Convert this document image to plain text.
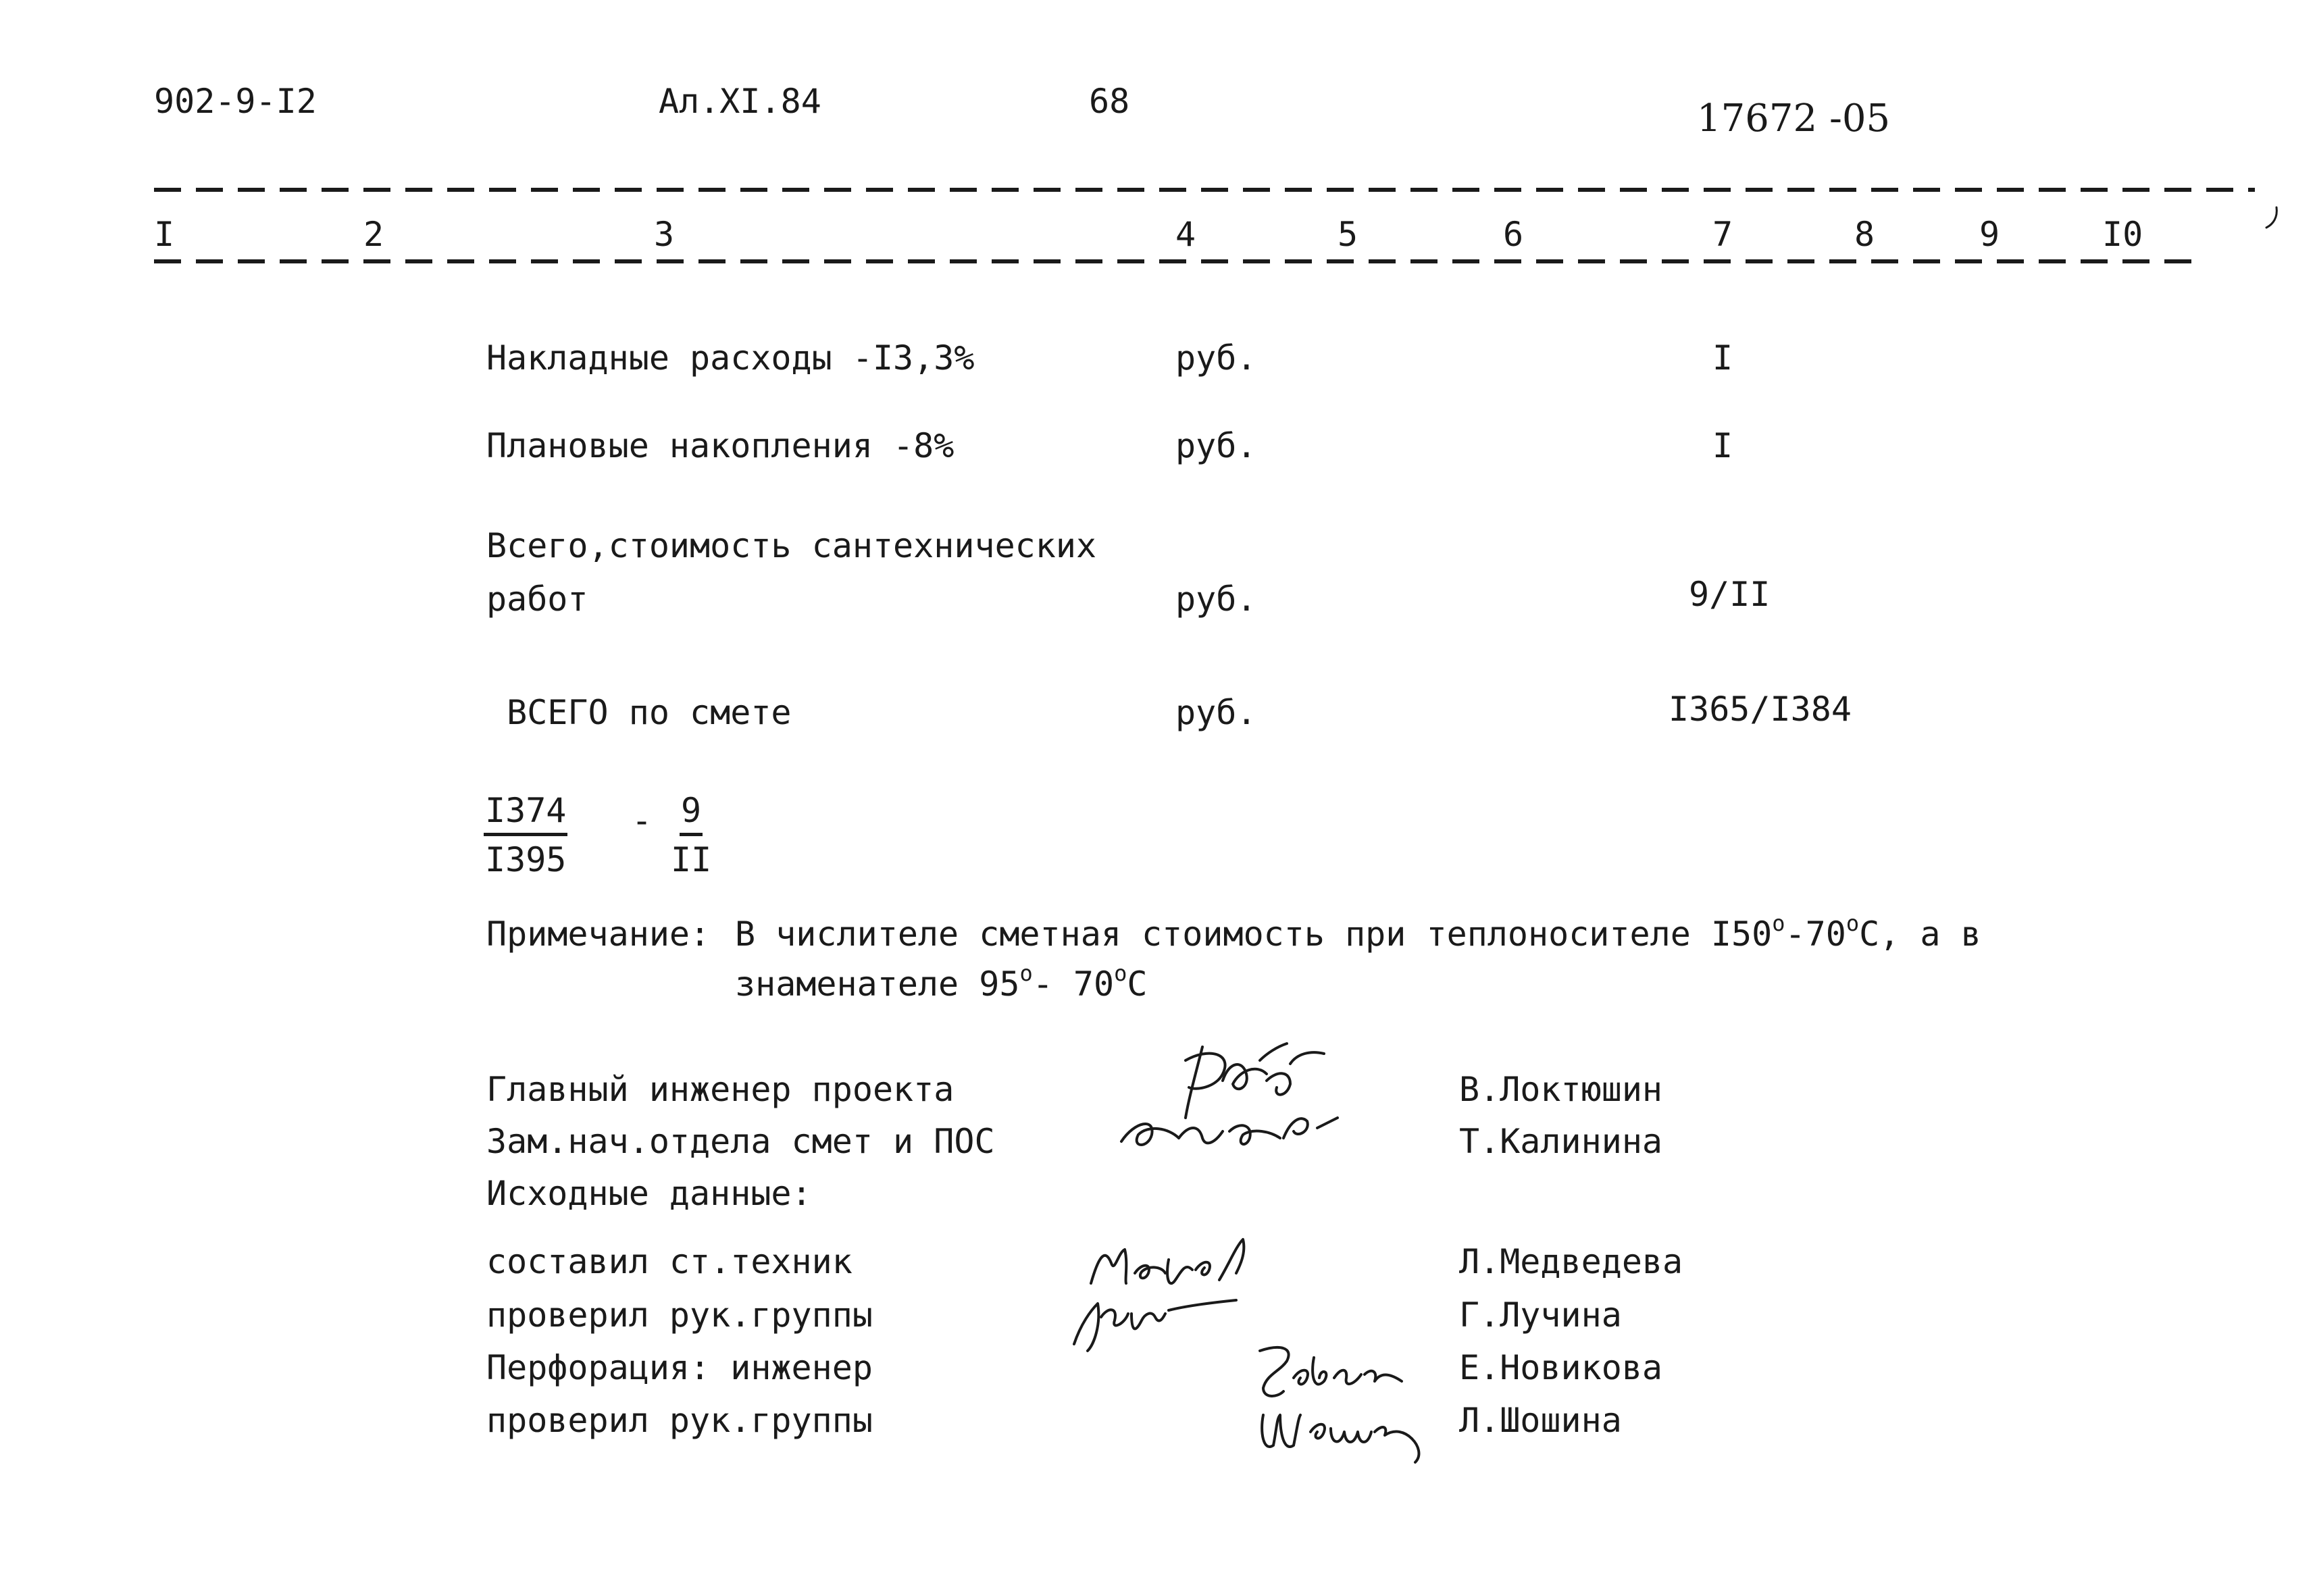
902-9-I2	Ал.XI.84	68	17672 -05
I	2	3	4	5	6	7	8	9	I0
Накладные расходы -I3,3%	руб.	I
Плановые накопления -8%	руб.	I
Всего,стоимость сантехнических
работ	руб.	9/II
ВСЕГО по смете	руб.	I365/I384
$\frac{I374}{I395} - \frac{9}{II}$
Примечание: В числителе сметная стоимость при теплоносителе I50$^o$-70$^o$С, а в
знаменателе 95$^o$- 70$^o$С
Главный инженер проекта	В.Локтюшин
Зам.нач.отдела смет и ПОС	Т.Калинина
Исходные данные:
составил ст.техник	Л.Медведева
проверил рук.группы	Г.Лучина
Перфорация: инженер	Е.Новикова
проверил рук.группы	Л.Шошина
